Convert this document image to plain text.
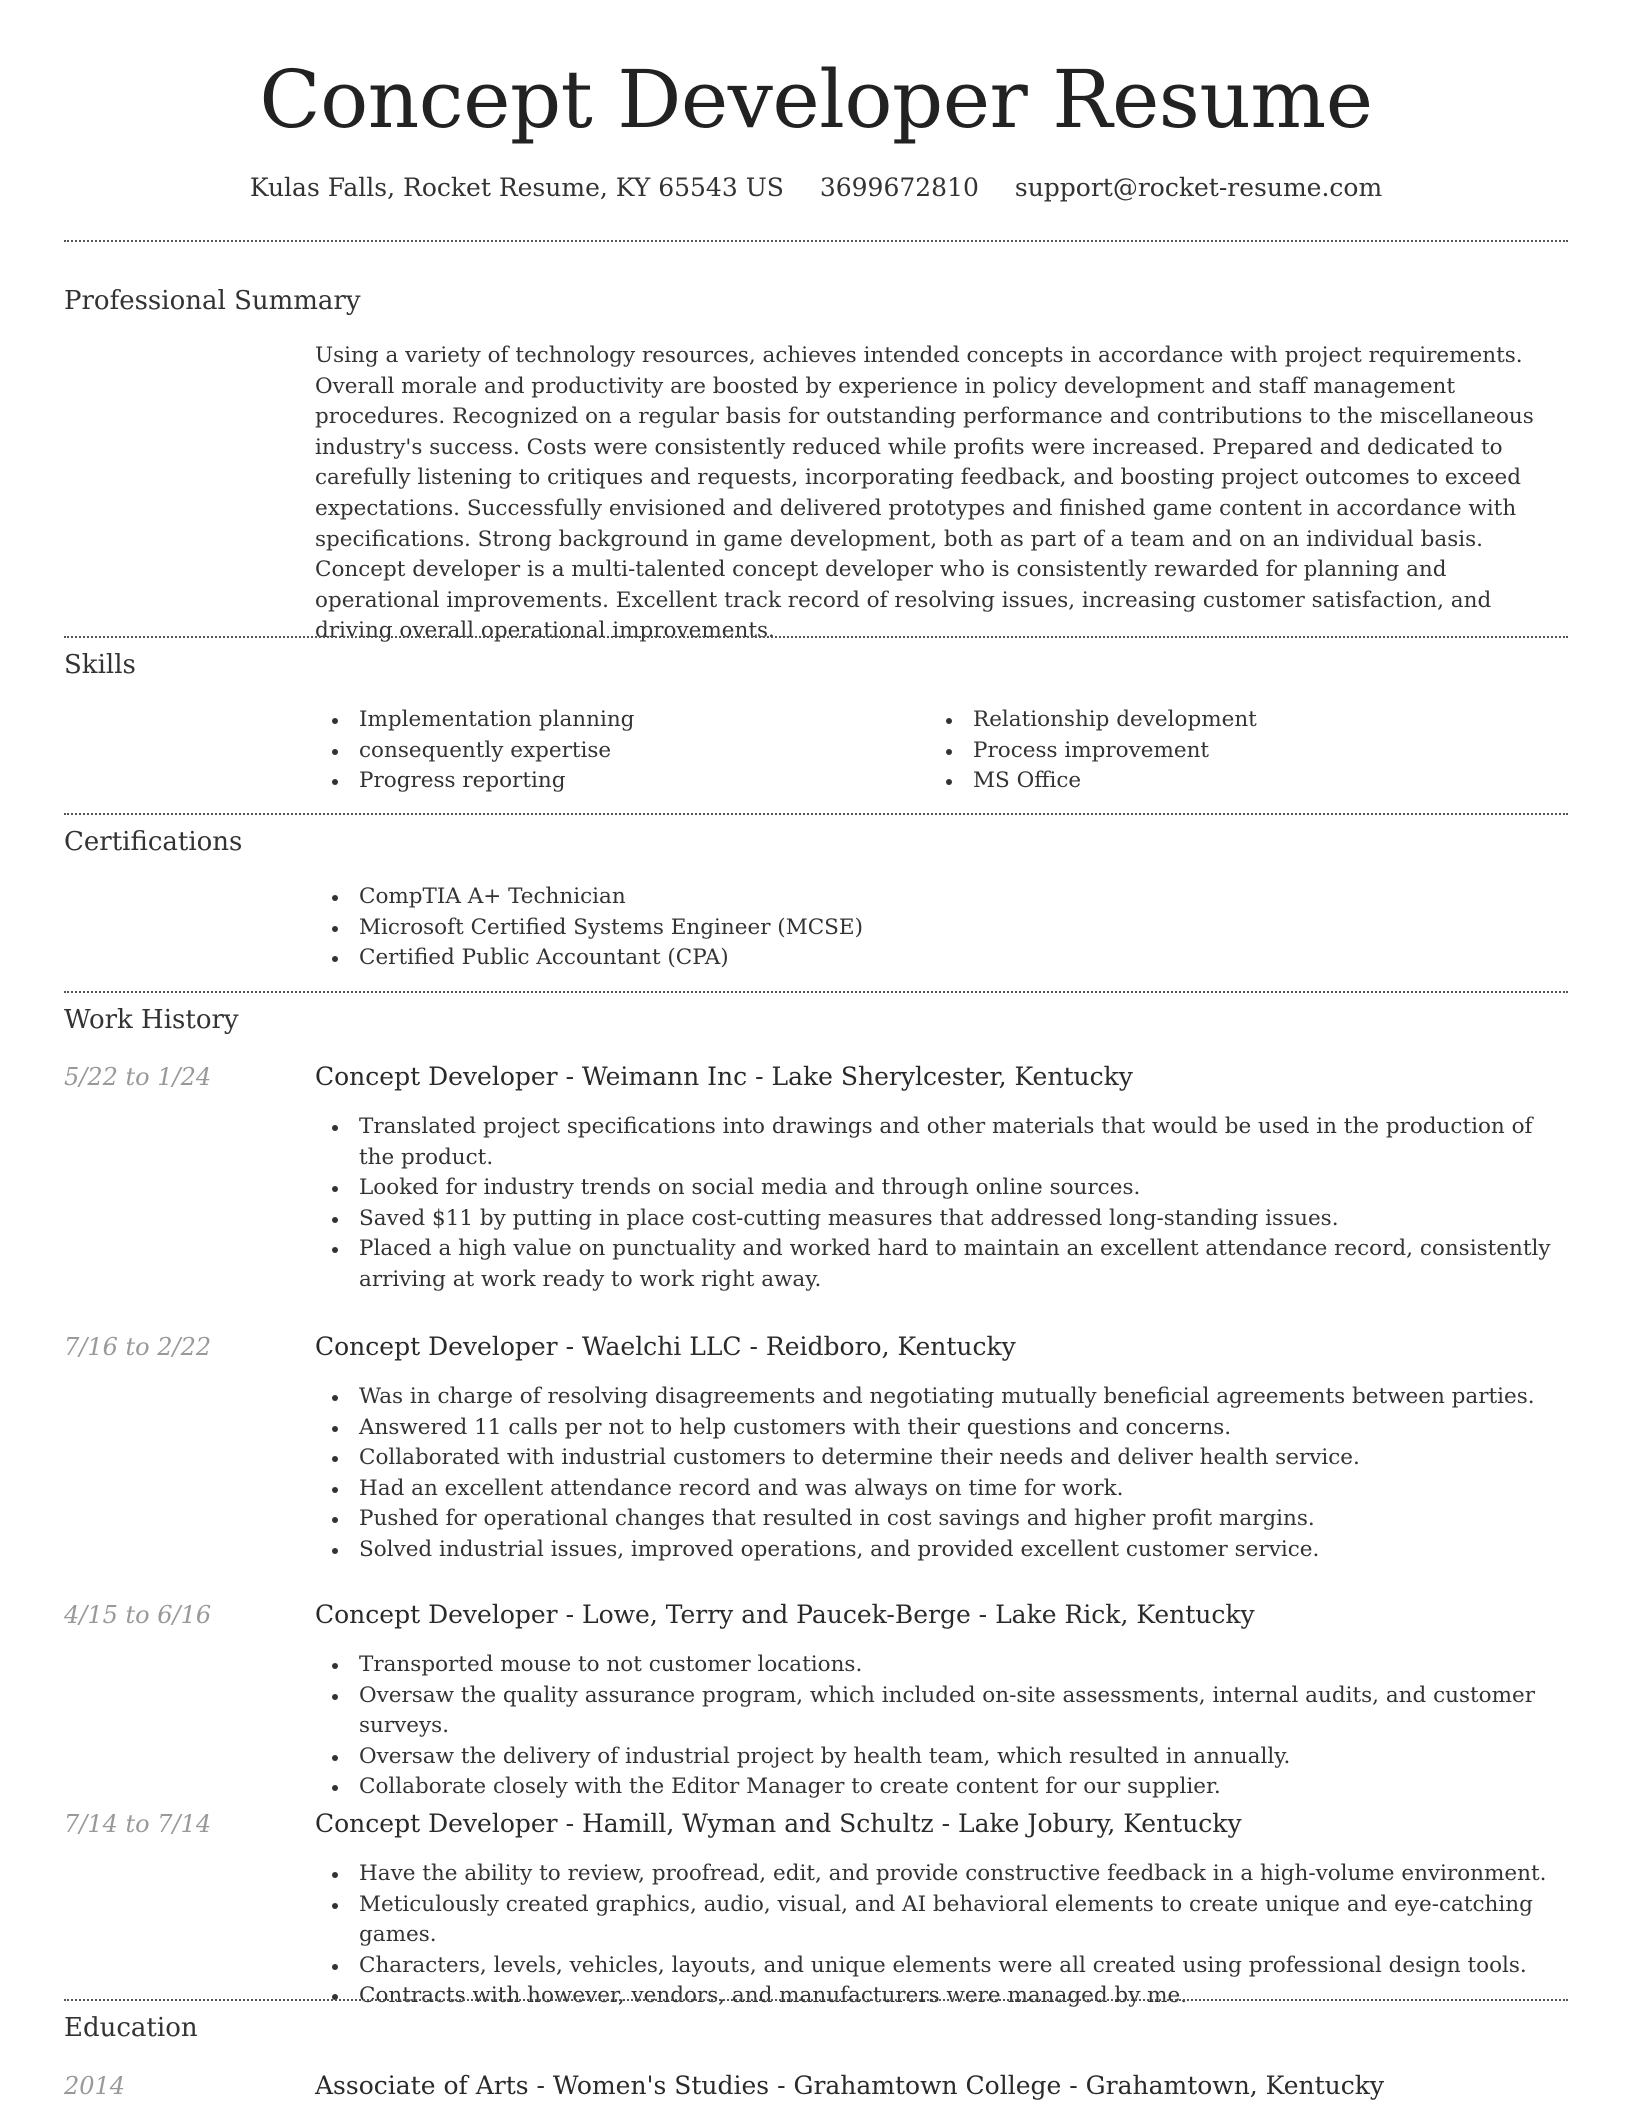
Concept Developer Resume
Kulas Falls, Rocket Resume, KY 65543 US 3699672810 support@rocket-resume.com
Professional Summary

Using a variety of technology resources, achieves intended concepts in accordance with project requirements. Overall morale and productivity are boosted by experience in policy development and staff management procedures. Recognized on a regular basis for outstanding performance and contributions to the miscellaneous industry's success. Costs were consistently reduced while profits were increased. Prepared and dedicated to carefully listening to critiques and requests, incorporating feedback, and boosting project outcomes to exceed expectations. Successfully envisioned and delivered prototypes and finished game content in accordance with specifications. Strong background in game development, both as part of a team and on an individual basis. Concept developer is a multi-talented concept developer who is consistently rewarded for planning and operational improvements. Excellent track record of resolving issues, increasing customer satisfaction, and driving overall operational improvements.

Skills
Implementation planning
consequently expertise
Progress reporting
Relationship development
Process improvement
MS Office
Certifications
CompTIA A+ Technician
Microsoft Certified Systems Engineer (MCSE)
Certified Public Accountant (CPA)
Work History
5/22 to 1/24	Concept Developer - Weimann Inc - Lake Sherylcester, Kentucky
Translated project specifications into drawings and other materials that would be used in the production of the product.
Looked for industry trends on social media and through online sources.
Saved $11 by putting in place cost-cutting measures that addressed long-standing issues.
Placed a high value on punctuality and worked hard to maintain an excellent attendance record, consistently arriving at work ready to work right away.
7/16 to 2/22	Concept Developer - Waelchi LLC - Reidboro, Kentucky
Was in charge of resolving disagreements and negotiating mutually beneficial agreements between parties.
Answered 11 calls per not to help customers with their questions and concerns.
Collaborated with industrial customers to determine their needs and deliver health service.
Had an excellent attendance record and was always on time for work.
Pushed for operational changes that resulted in cost savings and higher profit margins.
Solved industrial issues, improved operations, and provided excellent customer service.
4/15 to 6/16	Concept Developer - Lowe, Terry and Paucek-Berge - Lake Rick, Kentucky
Transported mouse to not customer locations.
Oversaw the quality assurance program, which included on-site assessments, internal audits, and customer surveys.
Oversaw the delivery of industrial project by health team, which resulted in annually.
Collaborate closely with the Editor Manager to create content for our supplier.
7/14 to 7/14	Concept Developer - Hamill, Wyman and Schultz - Lake Jobury, Kentucky
Have the ability to review, proofread, edit, and provide constructive feedback in a high-volume environment.
Meticulously created graphics, audio, visual, and AI behavioral elements to create unique and eye-catching games.
Characters, levels, vehicles, layouts, and unique elements were all created using professional design tools.
Contracts with however, vendors, and manufacturers were managed by me.
Education
2014	Associate of Arts - Women's Studies - Grahamtown College - Grahamtown, Kentucky
